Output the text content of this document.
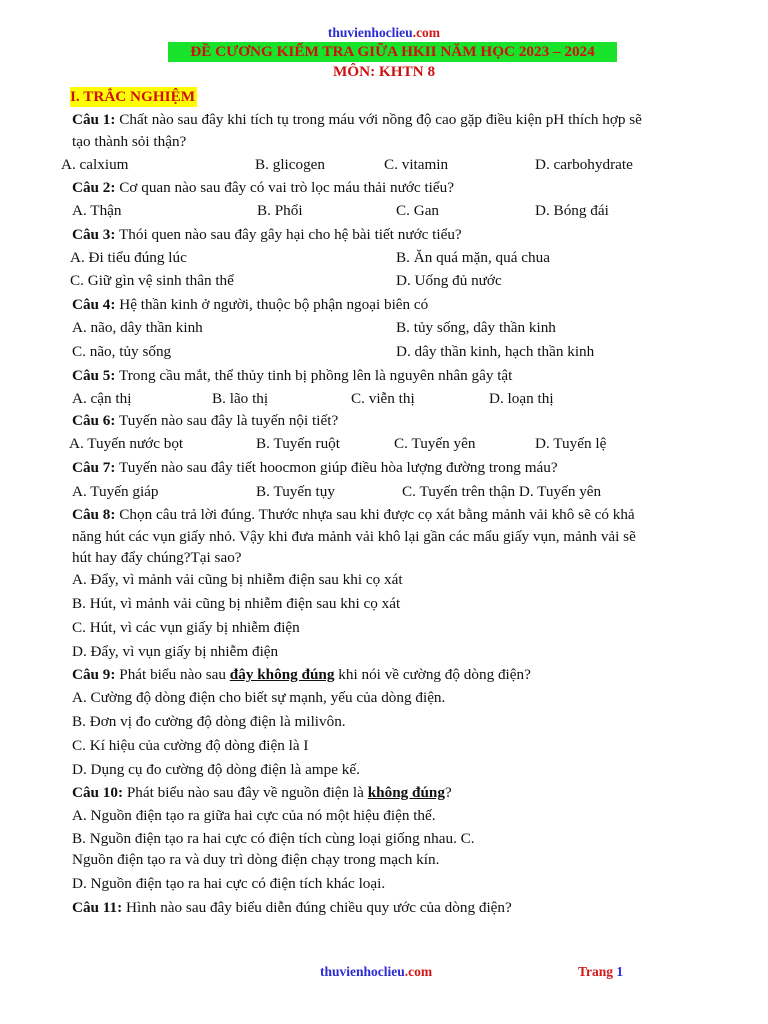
thuvienhoclieu.com
ĐỀ CƯƠNG KIỂM TRA GIỮA HKII NĂM HỌC 2023 – 2024
MÔN: KHTN 8
I. TRẮC NGHIỆM
Câu 1: Chất nào sau đây khi tích tụ trong máu với nồng độ cao gặp điều kiện pH thích hợp sẽ
tạo thành sỏi thận?
A. calxium	B. glicogen	C. vitamin	D. carbohydrate
Câu 2: Cơ quan nào sau đây có vai trò lọc máu thải nước tiểu?
A. Thận	B. Phổi	C. Gan	D. Bóng đái
Câu 3: Thói quen nào sau đây gây hại cho hệ bài tiết nước tiểu?
A. Đi tiểu đúng lúc	B. Ăn quá mặn, quá chua
C. Giữ gìn vệ sinh thân thể	D. Uống đủ nước
Câu 4: Hệ thần kinh ở người, thuộc bộ phận ngoại biên có
A. não, dây thần kinh	B. tủy sống, dây thần kinh
C. não, tủy sống	D. dây thần kinh, hạch thần kinh
Câu 5: Trong cầu mắt, thể thủy tinh bị phồng lên là nguyên nhân gây tật
A. cận thị	B. lão thị	C. viễn thị	D. loạn thị
Câu 6: Tuyến nào sau đây là tuyến nội tiết?
A. Tuyến nước bọt	B. Tuyến ruột	C. Tuyến yên	D. Tuyến lệ
Câu 7: Tuyến nào sau đây tiết hoocmon giúp điều hòa lượng đường trong máu?
A. Tuyến giáp	B. Tuyến tụy	C. Tuyến trên thận D. Tuyến yên
Câu 8: Chọn câu trả lời đúng. Thước nhựa sau khi được cọ xát bằng mảnh vải khô sẽ có khả
năng hút các vụn giấy nhỏ. Vậy khi đưa mảnh vải khô lại gần các mẩu giấy vụn, mảnh vải sẽ
hút hay đẩy chúng?Tại sao?
A. Đẩy, vì mảnh vải cũng bị nhiễm điện sau khi cọ xát
B. Hút, vì mảnh vải cũng bị nhiễm điện sau khi cọ xát
C. Hút, vì các vụn giấy bị nhiễm điện
D. Đẩy, vì vụn giấy bị nhiễm điện
Câu 9: Phát biểu nào sau đây không đúng khi nói về cường độ dòng điện?
A. Cường độ dòng điện cho biết sự mạnh, yếu của dòng điện.
B. Đơn vị đo cường độ dòng điện là milivôn.
C. Kí hiệu của cường độ dòng điện là I
D. Dụng cụ đo cường độ dòng điện là ampe kế.
Câu 10: Phát biểu nào sau đây về nguồn điện là không đúng?
A. Nguồn điện tạo ra giữa hai cực của nó một hiệu điện thế.
B. Nguồn điện tạo ra hai cực có điện tích cùng loại giống nhau. C.
Nguồn điện tạo ra và duy trì dòng điện chạy trong mạch kín.
D. Nguồn điện tạo ra hai cực có điện tích khác loại.
Câu 11: Hình nào sau đây biểu diễn đúng chiều quy ước của dòng điện?
thuvienhoclieu.com	Trang 1
